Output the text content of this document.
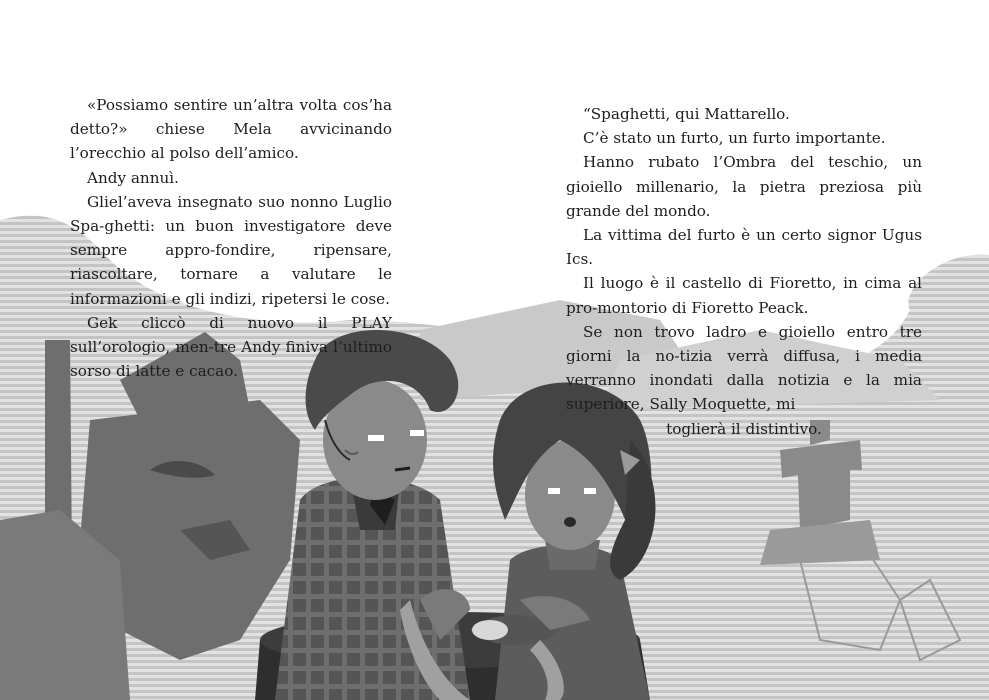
«Possiamo sentire un’altra volta cos’ha detto?» chiese Mela avvicinando l’orecchio al polso dell’amico.

Andy annuì.

Gliel’aveva insegnato suo nonno Luglio Spa-ghetti: un buon investigatore deve sempre appro-fondire, ripensare, riascoltare, tornare a valutare le informazioni e gli indizi, ripetersi le cose.

Gek cliccò di nuovo il PLAY sull’orologio, men-tre Andy finiva l’ultimo sorso di latte e cacao.

“Spaghetti, qui Mattarello.

C’è stato un furto, un furto importante.

Hanno rubato l’Ombra del teschio, un gioiello millenario, la pietra preziosa più grande del mondo.

La vittima del furto è un certo signor Ugus Ics.

Il luogo è il castello di Fioretto, in cima al pro-montorio di Fioretto Peack.

Se non trovo ladro e gioiello entro tre giorni la no-tizia verrà diffusa, i media verranno inondati dalla notizia e la mia superiore, Sally Moquette, mi

toglierà il distintivo.
